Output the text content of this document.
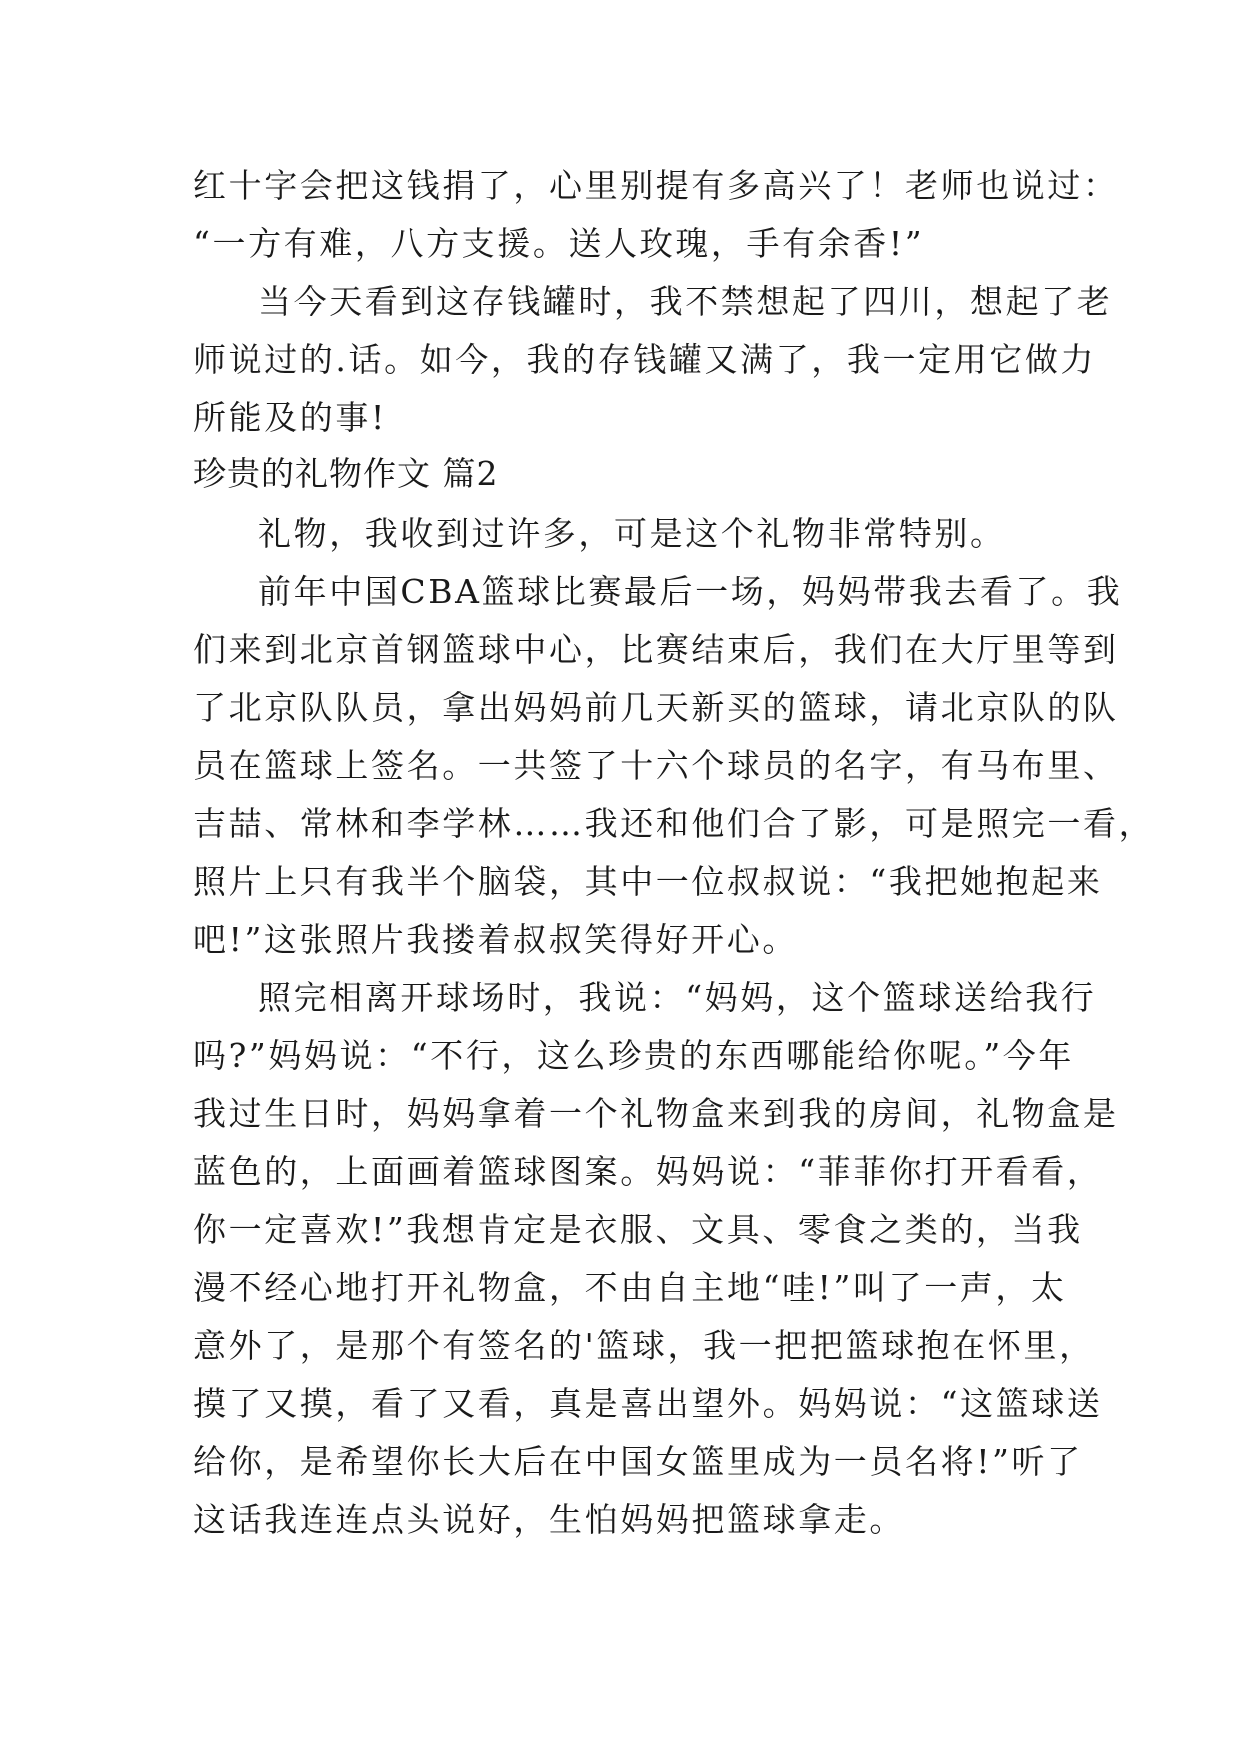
红十字会把这钱捐了，心里别提有多高兴了！老师也说过：
“一方有难，八方支援。送人玫瑰，手有余香!”
当今天看到这存钱罐时，我不禁想起了四川，想起了老
师说过的.话。如今，我的存钱罐又满了，我一定用它做力
所能及的事!
珍贵的礼物作文 篇2
礼物，我收到过许多，可是这个礼物非常特别。
前年中国CBA篮球比赛最后一场，妈妈带我去看了。我
们来到北京首钢篮球中心，比赛结束后，我们在大厅里等到
了北京队队员，拿出妈妈前几天新买的篮球，请北京队的队
员在篮球上签名。一共签了十六个球员的名字，有马布里、
吉喆、常林和李学林……我还和他们合了影，可是照完一看，
照片上只有我半个脑袋，其中一位叔叔说：“我把她抱起来
吧!”这张照片我搂着叔叔笑得好开心。
照完相离开球场时，我说：“妈妈，这个篮球送给我行
吗?”妈妈说：“不行，这么珍贵的东西哪能给你呢。”今年
我过生日时，妈妈拿着一个礼物盒来到我的房间，礼物盒是
蓝色的，上面画着篮球图案。妈妈说：“菲菲你打开看看，
你一定喜欢!”我想肯定是衣服、文具、零食之类的，当我
漫不经心地打开礼物盒，不由自主地“哇!”叫了一声，太
意外了，是那个有签名的'篮球，我一把把篮球抱在怀里，
摸了又摸，看了又看，真是喜出望外。妈妈说：“这篮球送
给你，是希望你长大后在中国女篮里成为一员名将!”听了
这话我连连点头说好，生怕妈妈把篮球拿走。
